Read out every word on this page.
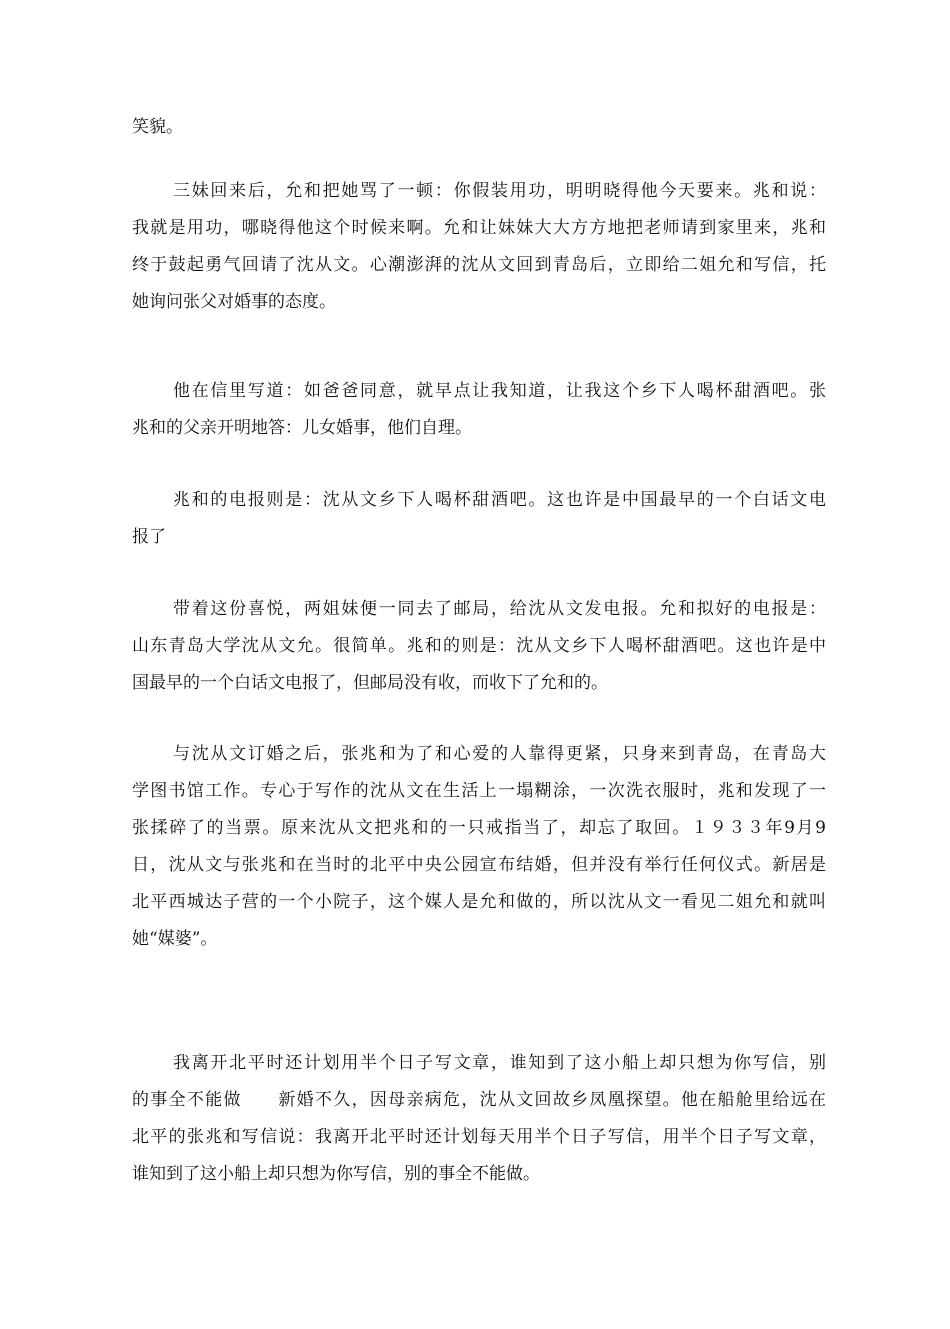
笑貌。
三妹回来后，允和把她骂了一顿：你假装用功，明明晓得他今天要来。兆和说：
我就是用功，哪晓得他这个时候来啊。允和让妹妹大大方方地把老师请到家里来，兆和
终于鼓起勇气回请了沈从文。心潮澎湃的沈从文回到青岛后，立即给二姐允和写信，托
她询问张父对婚事的态度。
他在信里写道：如爸爸同意，就早点让我知道，让我这个乡下人喝杯甜酒吧。张
兆和的父亲开明地答：儿女婚事，他们自理。
兆和的电报则是：沈从文乡下人喝杯甜酒吧。这也许是中国最早的一个白话文电
报了
带着这份喜悦，两姐妹便一同去了邮局，给沈从文发电报。允和拟好的电报是：
山东青岛大学沈从文允。很简单。兆和的则是：沈从文乡下人喝杯甜酒吧。这也许是中
国最早的一个白话文电报了，但邮局没有收，而收下了允和的。
与沈从文订婚之后，张兆和为了和心爱的人靠得更紧，只身来到青岛，在青岛大
学图书馆工作。专心于写作的沈从文在生活上一塌糊涂，一次洗衣服时，兆和发现了一
张揉碎了的当票。原来沈从文把兆和的一只戒指当了，却忘了取回。１９３３年9月9
日，沈从文与张兆和在当时的北平中央公园宣布结婚，但并没有举行任何仪式。新居是
北平西城达子营的一个小院子，这个媒人是允和做的，所以沈从文一看见二姐允和就叫
她“媒婆”。
我离开北平时还计划用半个日子写文章，谁知到了这小船上却只想为你写信，别
的事全不能做　　新婚不久，因母亲病危，沈从文回故乡凤凰探望。他在船舱里给远在
北平的张兆和写信说：我离开北平时还计划每天用半个日子写信，用半个日子写文章，
谁知到了这小船上却只想为你写信，别的事全不能做。
